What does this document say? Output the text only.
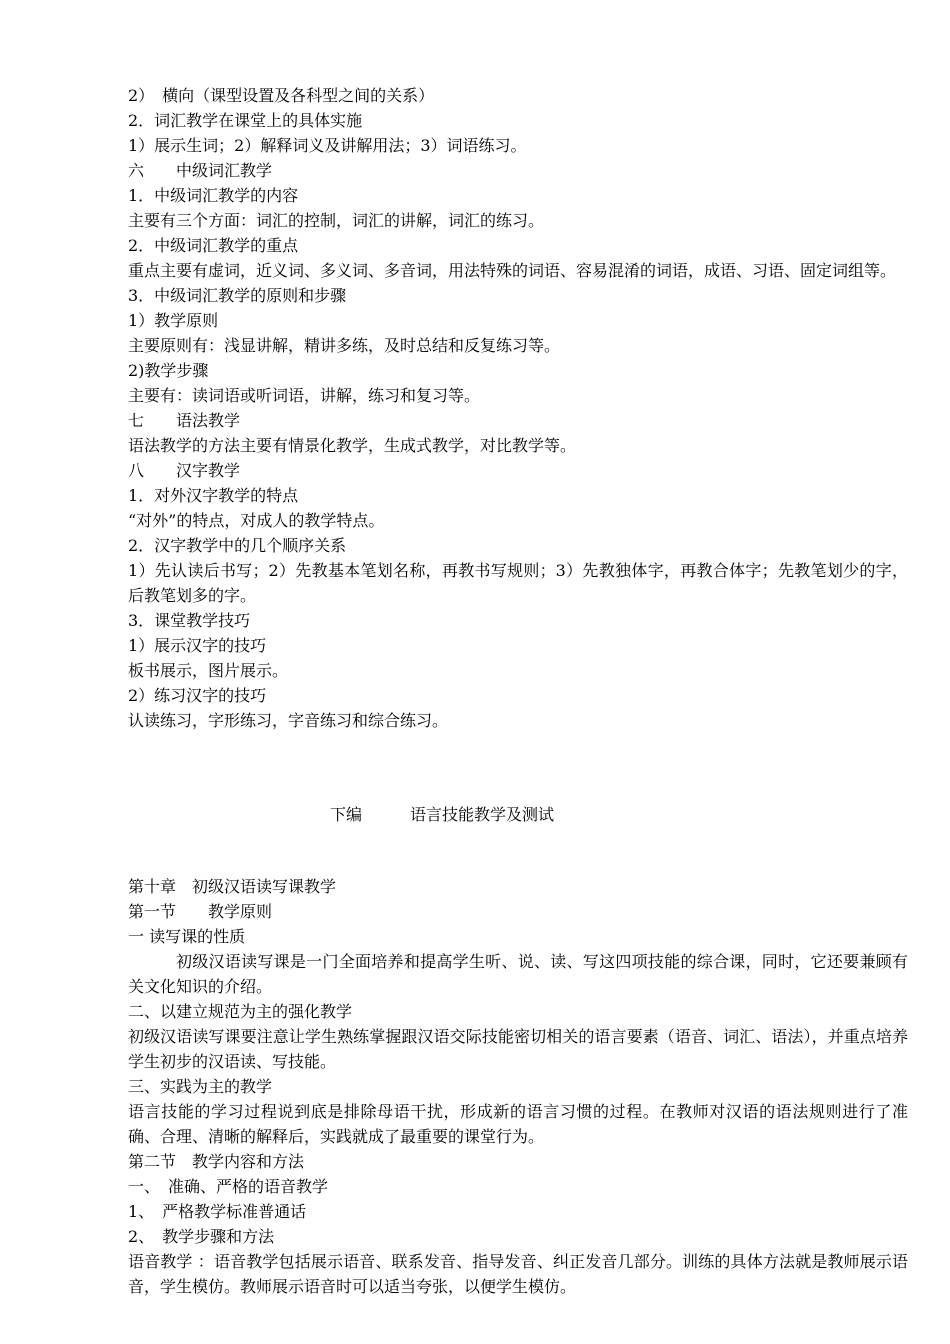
2）　横向（课型设置及各科型之间的关系）
2．词汇教学在课堂上的具体实施
1）展示生词；2）解释词义及讲解用法；3）词语练习。
六　　中级词汇教学
1．中级词汇教学的内容
主要有三个方面：词汇的控制，词汇的讲解，词汇的练习。
2．中级词汇教学的重点
重点主要有虚词，近义词、多义词、多音词，用法特殊的词语、容易混淆的词语，成语、习语、固定词组等。
3．中级词汇教学的原则和步骤
1）教学原则
主要原则有：浅显讲解，精讲多练，及时总结和反复练习等。
2)教学步骤
主要有：读词语或听词语，讲解，练习和复习等。
七　　语法教学
语法教学的方法主要有情景化教学，生成式教学，对比教学等。
八　　汉字教学
1．对外汉字教学的特点
“对外”的特点，对成人的教学特点。
2．汉字教学中的几个顺序关系
1）先认读后书写；2）先教基本笔划名称，再教书写规则；3）先教独体字，再教合体字；先教笔划少的字，后教笔划多的字。
3．课堂教学技巧
1）展示汉字的技巧
板书展示，图片展示。
2）练习汉字的技巧
认读练习，字形练习，字音练习和综合练习。
下编　　　语言技能教学及测试
第十章　初级汉语读写课教学
第一节　　教学原则
一 读写课的性质
初级汉语读写课是一门全面培养和提高学生听、说、读、写这四项技能的综合课，同时，它还要兼顾有关文化知识的介绍。
二、以建立规范为主的强化教学
初级汉语读写课要注意让学生熟练掌握跟汉语交际技能密切相关的语言要素（语音、词汇、语法），并重点培养学生初步的汉语读、写技能。
三、实践为主的教学
语言技能的学习过程说到底是排除母语干扰，形成新的语言习惯的过程。在教师对汉语的语法规则进行了准确、合理、清晰的解释后，实践就成了最重要的课堂行为。
第二节　教学内容和方法
一、　准确、严格的语音教学
1、　严格教学标准普通话
2、　教学步骤和方法
语音教学 ：语音教学包括展示语音、联系发音、指导发音、纠正发音几部分。训练的具体方法就是教师展示语音，学生模仿。教师展示语音时可以适当夸张，以便学生模仿。
